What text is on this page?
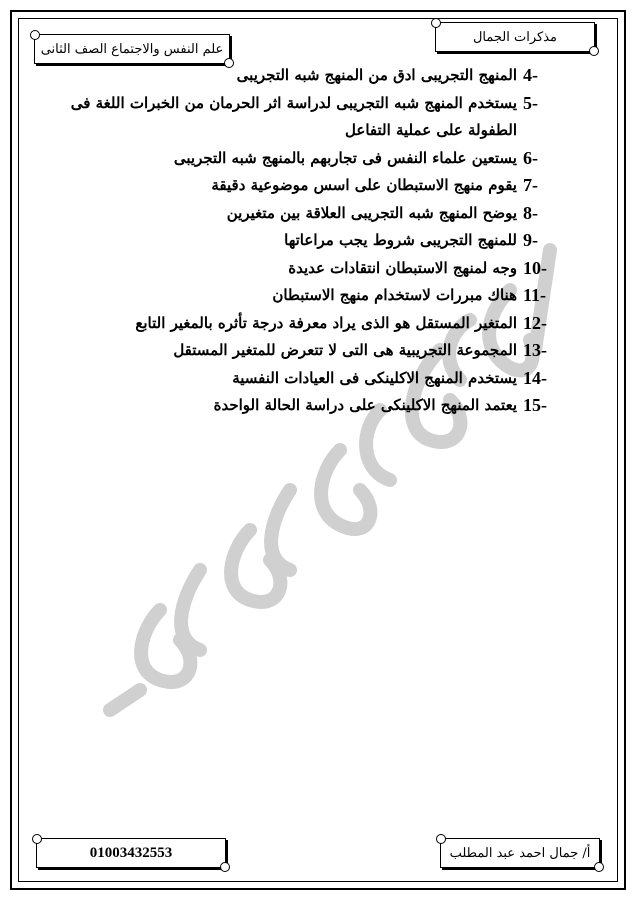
مذكرات الجمال
علم النفس والاجتماع الصف الثانى
4-
المنهج التجريبى ادق من المنهج شبه التجريبى
5-
يستخدم المنهج شبه التجريبى لدراسة اثر الحرمان من الخبرات اللغة فى الطفولة على عملية التفاعل
6-
يستعين علماء النفس فى تجاربهم بالمنهج شبه التجريبى
7-
يقوم منهج الاستبطان على اسس موضوعية دقيقة
8-
يوضح المنهج شبه التجريبى العلاقة بين متغيرين
9-
للمنهج التجريبى شروط يجب مراعاتها
10-
وجه لمنهج الاستبطان انتقادات عديدة
11-
هناك مبررات لاستخدام منهج الاستبطان
12-
المتغير المستقل هو الذى يراد معرفة درجة تأثره بالمغير التابع
13-
المجموعة التجريبية هى التى لا تتعرض للمتغير المستقل
14-
يستخدم المنهج الاكلينكى فى العيادات النفسية
15-
يعتمد المنهج الاكلينكى على دراسة الحالة الواحدة
أ/ جمال احمد عبد المطلب
01003432553
